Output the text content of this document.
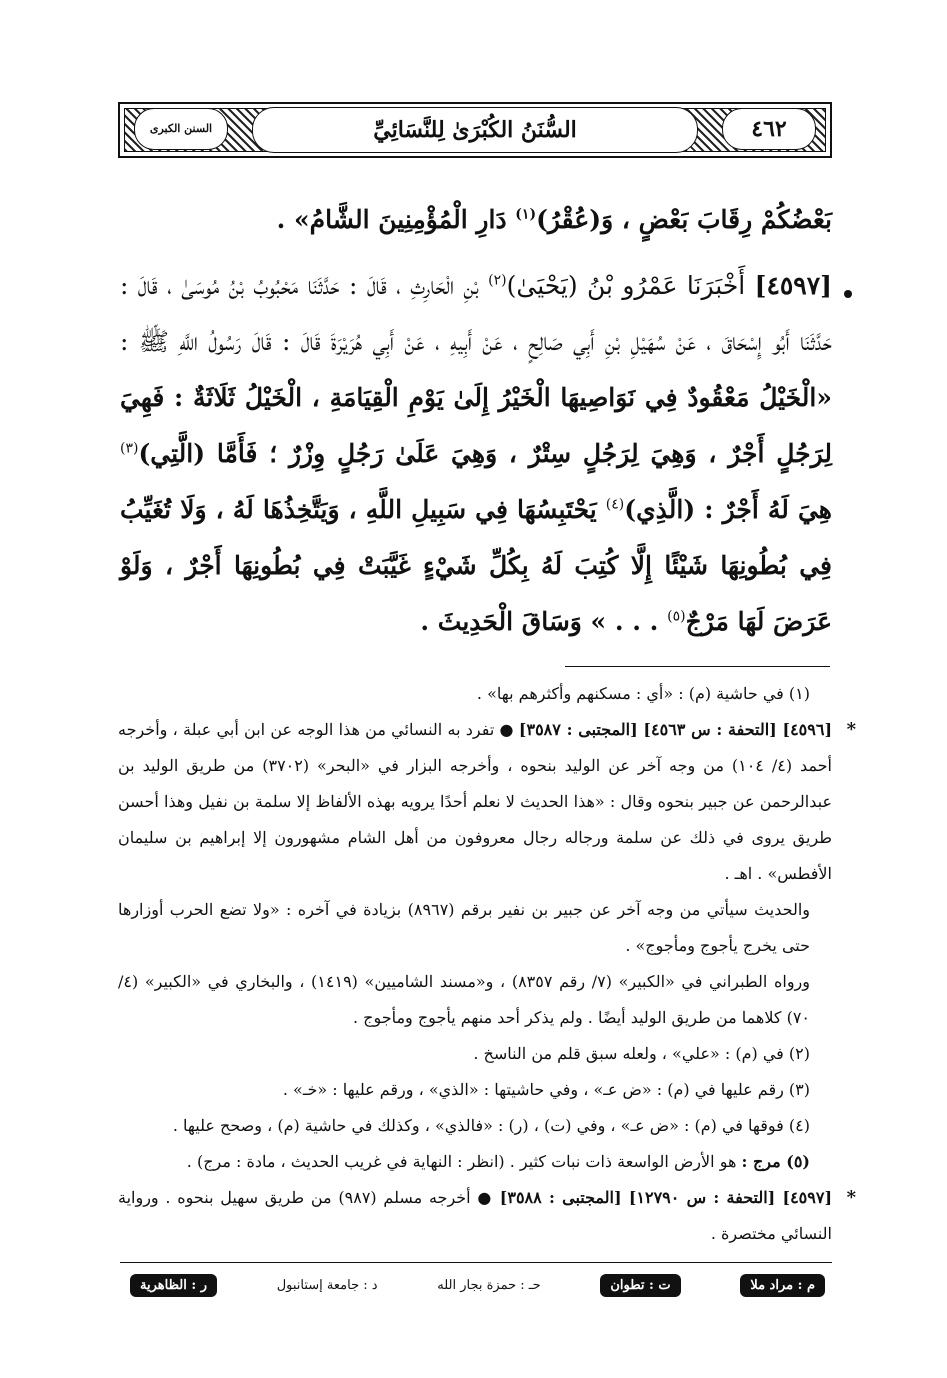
٤٦٢
السُّنَنُ الكُبْرَىٰ لِلنَّسَائِيِّ
السنن الكبرى

بَعْضُكُمْ رِقَابَ بَعْضٍ ، وَ(عُقْرُ)$^{(١)}$ دَارِ الْمُؤْمِنِينَ الشَّامُ» .

[٤٥٩٧] أَخْبَرَنَا عَمْرُو بْنُ (يَحْيَىٰ)$^{(٢)}$ بْنِ الْحَارِثِ ، قَالَ : حَدَّثَنَا مَحْبُوبُ بْنُ مُوسَىٰ ، قَالَ : حَدَّثَنَا أَبُو إِسْحَاقَ ، عَنْ سُهَيْلِ بْنِ أَبِي صَالِحٍ ، عَنْ أَبِيهِ ، عَنْ أَبِي هُرَيْرَةَ قَالَ : قَالَ رَسُولُ اللَّهِ ﷺ : «الْخَيْلُ مَعْقُودٌ فِي نَوَاصِيهَا الْخَيْرُ إِلَىٰ يَوْمِ الْقِيَامَةِ ، الْخَيْلُ ثَلَاثَةٌ : فَهِيَ لِرَجُلٍ أَجْرٌ ، وَهِيَ لِرَجُلٍ سِتْرٌ ، وَهِيَ عَلَىٰ رَجُلٍ وِزْرٌ ؛ فَأَمَّا (الَّتِي)$^{(٣)}$ هِيَ لَهُ أَجْرٌ : (الَّذِي)$^{(٤)}$ يَحْتَبِسُهَا فِي سَبِيلِ اللَّهِ ، وَيَتَّخِذُهَا لَهُ ، وَلَا تُغَيِّبُ فِي بُطُونِهَا شَيْئًا إِلَّا كُتِبَ لَهُ بِكُلِّ شَيْءٍ غَيَّبَتْ فِي بُطُونِهَا أَجْرٌ ، وَلَوْ عَرَضَ لَهَا مَرْجٌ$^{(٥)}$ . . . » وَسَاقَ الْحَدِيثَ .

(١) في حاشية (م) : «أي : مسكنهم وأكثرهم بها» .

*
[٤٥٩٦] [التحفة : س ٤٥٦٣] [المجتبى : ٣٥٨٧] ● تفرد به النسائي من هذا الوجه عن ابن أبي عبلة ، وأخرجه أحمد (٤/ ١٠٤) من وجه آخر عن الوليد بنحوه ، وأخرجه البزار في «البحر» (٣٧٠٢) من طريق الوليد بن عبدالرحمن عن جبير بنحوه وقال : «هذا الحديث لا نعلم أحدًا يرويه بهذه الألفاظ إلا سلمة بن نفيل وهذا أحسن طريق يروى في ذلك عن سلمة ورجاله رجال معروفون من أهل الشام مشهورون إلا إبراهيم بن سليمان الأفطس» . اهـ .

والحديث سيأتي من وجه آخر عن جبير بن نفير برقم (٨٩٦٧) بزيادة في آخره : «ولا تضع الحرب أوزارها حتى يخرج يأجوج ومأجوج» .

ورواه الطبراني في «الكبير» (٧/ رقم ٨٣٥٧) ، و«مسند الشاميين» (١٤١٩) ، والبخاري في «الكبير» (٤/ ٧٠) كلاهما من طريق الوليد أيضًا . ولم يذكر أحد منهم يأجوج ومأجوج .

(٢) في (م) : «علي» ، ولعله سبق قلم من الناسخ .

(٣) رقم عليها في (م) : «ض عـ» ، وفي حاشيتها : «الذي» ، ورقم عليها : «خـ» .

(٤) فوقها في (م) : «ض عـ» ، وفي (ت) ، (ر) : «فالذي» ، وكذلك في حاشية (م) ، وصحح عليها .

(٥) مرج : هو الأرض الواسعة ذات نبات كثير . (انظر : النهاية في غريب الحديث ، مادة : مرج) .

*
[٤٥٩٧] [التحفة : س ١٢٧٩٠] [المجتبى : ٣٥٨٨] ● أخرجه مسلم (٩٨٧) من طريق سهيل بنحوه . ورواية النسائي مختصرة .

م : مراد ملا
ت : تطوان
حـ : حمزة بجار الله
د : جامعة إستانبول
ر : الظاهرية
